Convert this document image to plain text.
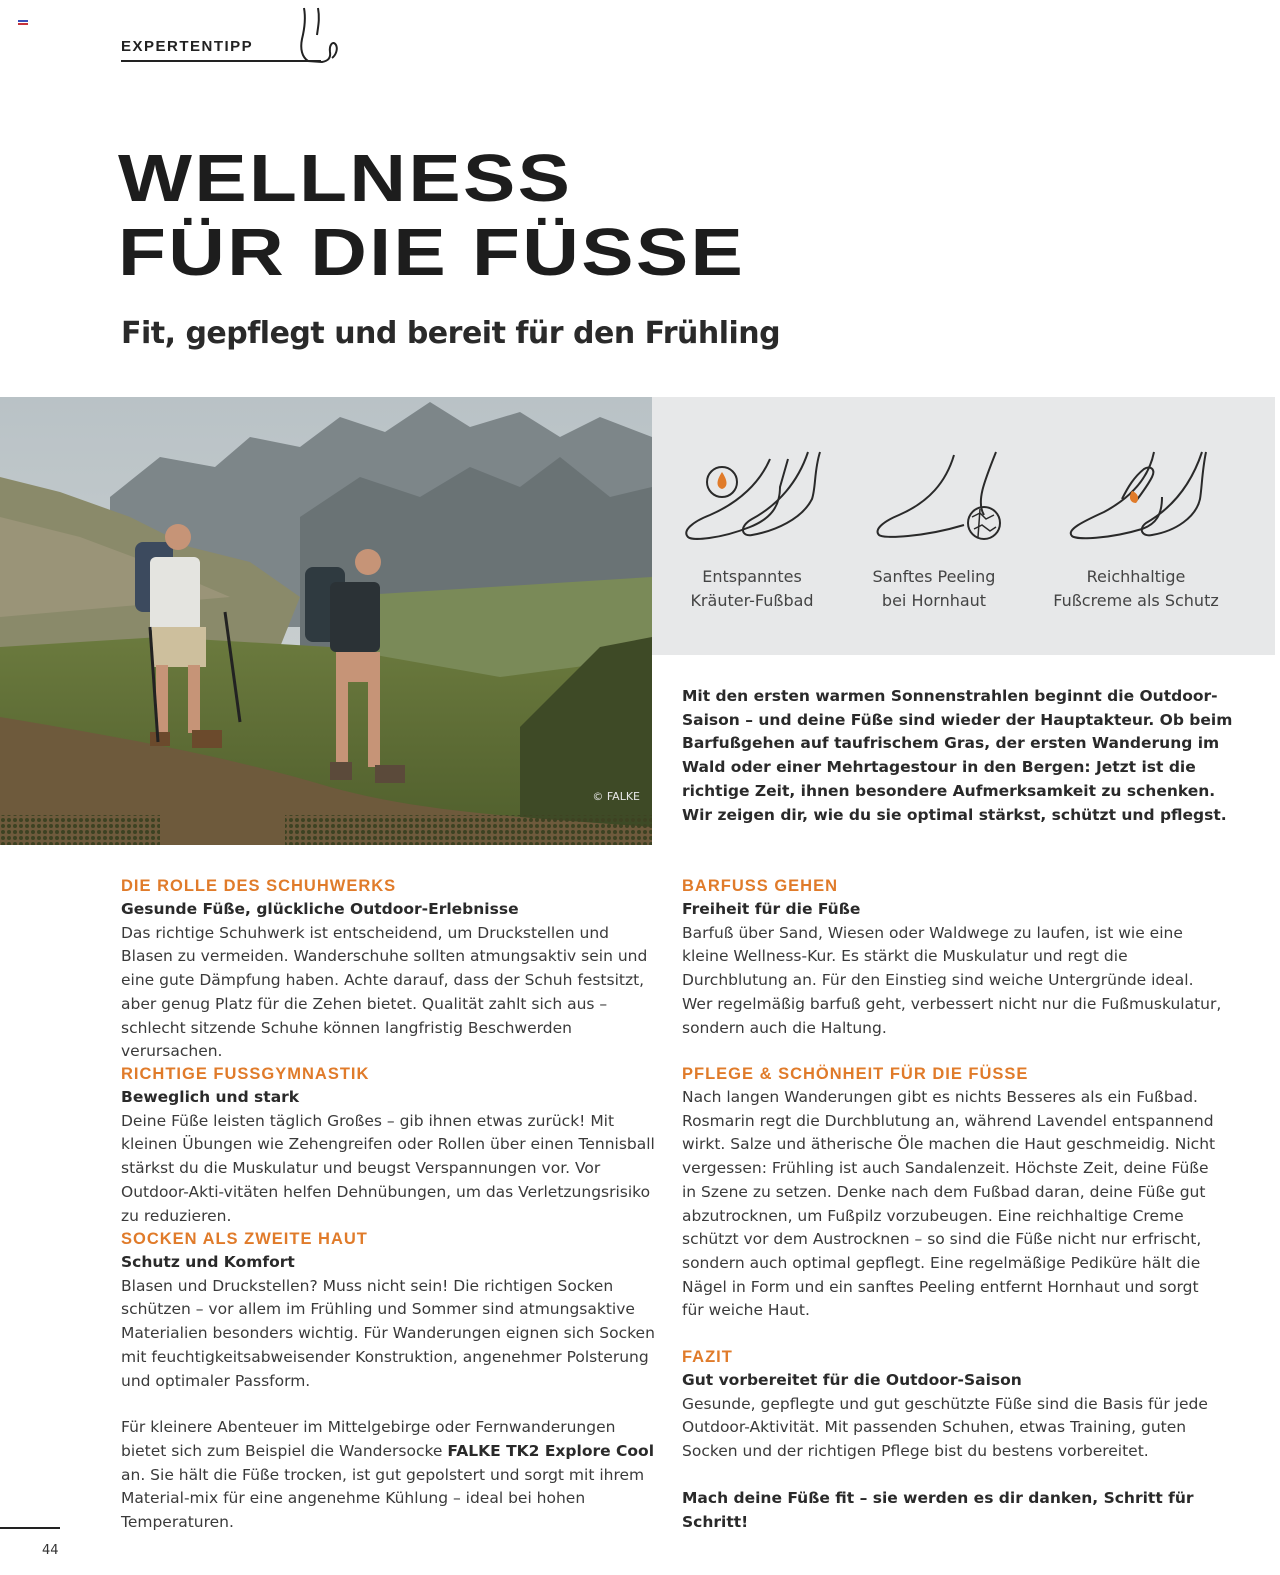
EXPERTENTIPP
WELLNESS
FÜR DIE FÜSSE
Fit, gepflegt und bereit für den Frühling
© FALKE
Entspanntes
Kräuter-Fußbad
Sanftes Peeling
bei Hornhaut
Reichhaltige
Fußcreme als Schutz

Mit den ersten warmen Sonnenstrahlen beginnt die Outdoor-Saison – und deine Füße sind wieder der Hauptakteur. Ob beim Barfußgehen auf taufrischem Gras, der ersten Wanderung im Wald oder einer Mehrtagestour in den Bergen: Jetzt ist die richtige Zeit, ihnen besondere Aufmerksamkeit zu schenken. Wir zeigen dir, wie du sie optimal stärkst, schützt und pflegst.

DIE ROLLE DES SCHUHWERKS

Gesunde Füße, glückliche Outdoor-Erlebnisse

Das richtige Schuhwerk ist entscheidend, um Druckstellen und Blasen zu vermeiden. Wanderschuhe sollten atmungsaktiv sein und eine gute Dämpfung haben. Achte darauf, dass der Schuh festsitzt, aber genug Platz für die Zehen bietet. Qualität zahlt sich aus – schlecht sitzende Schuhe können langfristig Beschwerden verursachen.

RICHTIGE FUSSGYMNASTIK

Beweglich und stark

Deine Füße leisten täglich Großes – gib ihnen etwas zurück! Mit kleinen Übungen wie Zehengreifen oder Rollen über einen Tennisball stärkst du die Muskulatur und beugst Verspannungen vor. Vor Outdoor-Akti-vitäten helfen Dehnübungen, um das Verletzungsrisiko zu reduzieren.

SOCKEN ALS ZWEITE HAUT

Schutz und Komfort

Blasen und Druckstellen? Muss nicht sein! Die richtigen Socken schützen – vor allem im Frühling und Sommer sind atmungsaktive Materialien besonders wichtig. Für Wanderungen eignen sich Socken mit feuchtigkeitsabweisender Konstruktion, angenehmer Polsterung und optimaler Passform.

Für kleinere Abenteuer im Mittelgebirge oder Fernwanderungen bietet sich zum Beispiel die Wandersocke FALKE TK2 Explore Cool an. Sie hält die Füße trocken, ist gut gepolstert und sorgt mit ihrem Material-mix für eine angenehme Kühlung – ideal bei hohen Temperaturen.

BARFUSS GEHEN

Freiheit für die Füße

Barfuß über Sand, Wiesen oder Waldwege zu laufen, ist wie eine kleine Wellness-Kur. Es stärkt die Muskulatur und regt die Durchblutung an. Für den Einstieg sind weiche Untergründe ideal. Wer regelmäßig barfuß geht, verbessert nicht nur die Fußmuskulatur, sondern auch die Haltung.

PFLEGE & SCHÖNHEIT FÜR DIE FÜSSE

Nach langen Wanderungen gibt es nichts Besseres als ein Fußbad. Rosmarin regt die Durchblutung an, während Lavendel entspannend wirkt. Salze und ätherische Öle machen die Haut geschmeidig. Nicht vergessen: Frühling ist auch Sandalenzeit. Höchste Zeit, deine Füße in Szene zu setzen. Denke nach dem Fußbad daran, deine Füße gut abzutrocknen, um Fußpilz vorzubeugen. Eine reichhaltige Creme schützt vor dem Austrocknen – so sind die Füße nicht nur erfrischt, sondern auch optimal gepflegt. Eine regelmäßige Pediküre hält die Nägel in Form und ein sanftes Peeling entfernt Hornhaut und sorgt für weiche Haut.

FAZIT

Gut vorbereitet für die Outdoor-Saison

Gesunde, gepflegte und gut geschützte Füße sind die Basis für jede Outdoor-Aktivität. Mit passenden Schuhen, etwas Training, guten Socken und der richtigen Pflege bist du bestens vorbereitet.

Mach deine Füße fit – sie werden es dir danken, Schritt für Schritt!

44
